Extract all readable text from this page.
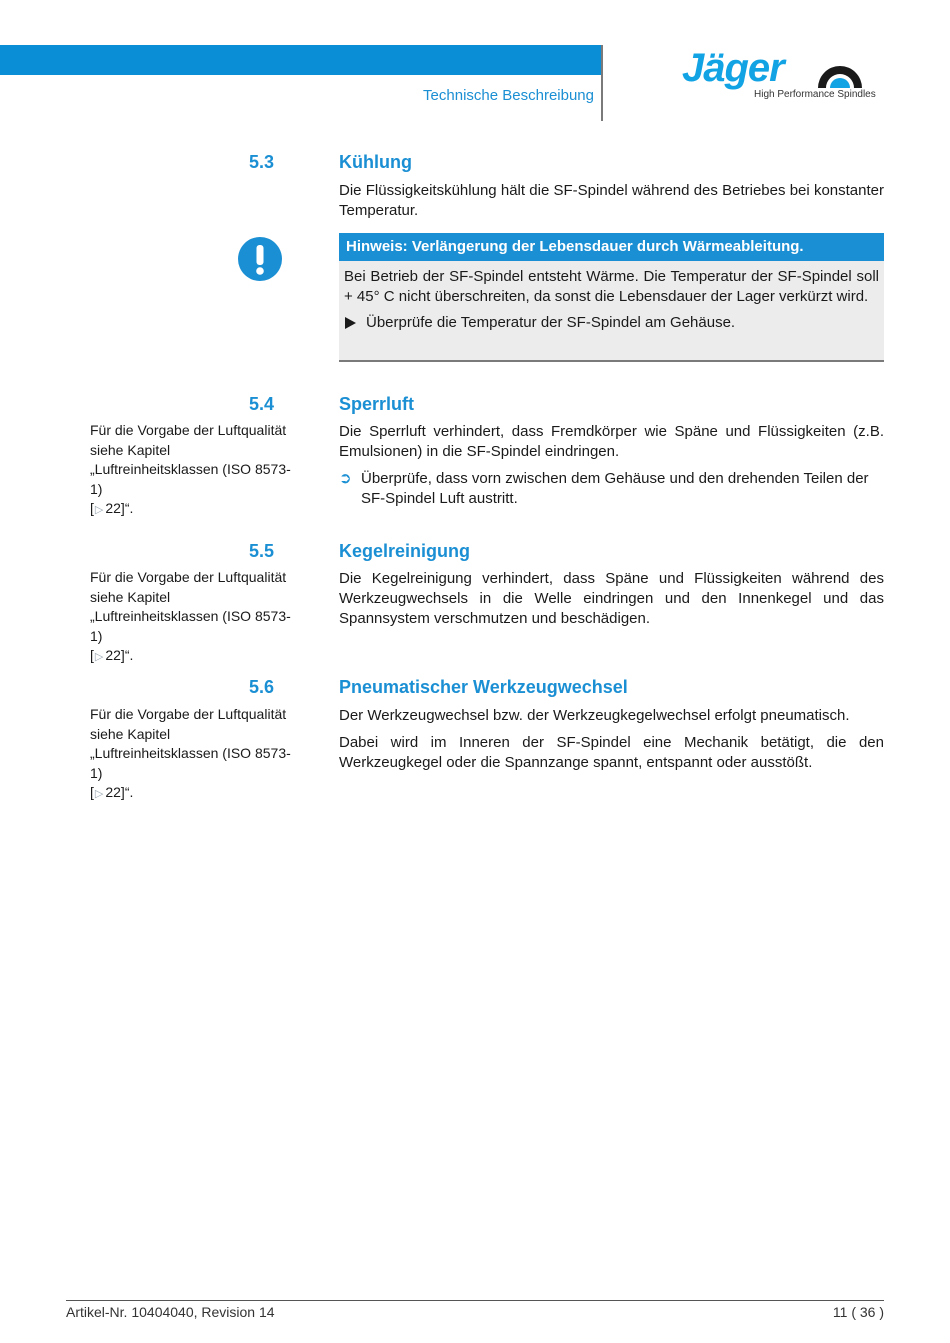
Technische Beschreibung
Jäger
High Performance Spindles
5.3	Kühlung
Die Flüssigkeitskühlung hält die SF-Spindel während des Betriebes bei konstanter Temperatur.
Hinweis: Verlängerung der Lebensdauer durch Wärmeableitung.
Bei Betrieb der SF-Spindel entsteht Wärme. Die Temperatur der SF-Spindel soll + 45° C nicht überschreiten, da sonst die Lebensdauer der Lager verkürzt wird.
Überprüfe die Temperatur der SF-Spindel am Gehäuse.
5.4	Sperrluft
Für die Vorgabe der Luftqualität siehe Kapitel „Luftreinheitsklassen (ISO 8573-1)
[▷ 22]“.
Die Sperrluft verhindert, dass Fremdkörper wie Späne und Flüssigkeiten (z.B. Emulsionen) in die SF-Spindel eindringen.
➲ Überprüfe, dass vorn zwischen dem Gehäuse und den drehenden Teilen der SF-Spindel Luft austritt.
5.5	Kegelreinigung
Für die Vorgabe der Luftqualität siehe Kapitel „Luftreinheitsklassen (ISO 8573-1)
[▷ 22]“.
Die Kegelreinigung verhindert, dass Späne und Flüssigkeiten während des Werkzeugwechsels in die Welle eindringen und den Innenkegel und das Spannsystem verschmutzen und beschädigen.
5.6	Pneumatischer Werkzeugwechsel
Für die Vorgabe der Luftqualität siehe Kapitel „Luftreinheitsklassen (ISO 8573-1)
[▷ 22]“.
Der Werkzeugwechsel bzw. der Werkzeugkegelwechsel erfolgt pneumatisch.
Dabei wird im Inneren der SF-Spindel eine Mechanik betätigt, die den Werkzeugkegel oder die Spannzange spannt, entspannt oder ausstößt.
Artikel-Nr. 10404040, Revision 14	11 ( 36 )
